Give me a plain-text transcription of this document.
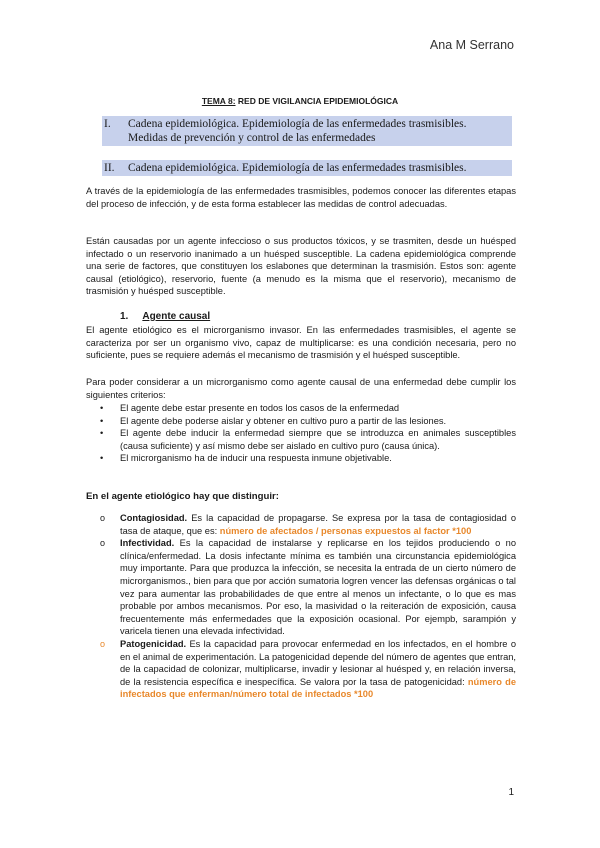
Ana M Serrano
TEMA 8: RED DE VIGILANCIA EPIDEMIOLÓGICA
I.	Cadena epidemiológica. Epidemiología de las enfermedades trasmisibles. Medidas de prevención y control de las enfermedades
II.	Cadena epidemiológica. Epidemiología de las enfermedades trasmisibles.

A través de la epidemiología de las enfermedades trasmisibles, podemos conocer las diferentes etapas del proceso de infección, y de esta forma establecer las medidas de control adecuadas.

Están causadas por un agente infeccioso o sus productos tóxicos, y se trasmiten, desde un huésped infectado o un reservorio inanimado a un huésped susceptible. La cadena epidemiológica comprende una serie de factores, que constituyen los eslabones que determinan la trasmisión. Estos son: agente causal (etiológico), reservorio, fuente (a menudo es la misma que el reservorio), mecanismo de trasmisión y huésped susceptible.

1. Agente causal

El agente etiológico es el microrganismo invasor. En las enfermedades trasmisibles, el agente se caracteriza por ser un organismo vivo, capaz de multiplicarse: es una condición necesaria, pero no suficiente, pues se requiere además el mecanismo de trasmisión y el huésped susceptible.

Para poder considerar a un microrganismo como agente causal de una enfermedad debe cumplir los siguientes criterios:

• El agente debe estar presente en todos los casos de la enfermedad
• El agente debe poderse aislar y obtener en cultivo puro a partir de las lesiones.
• El agente debe inducir la enfermedad siempre que se introduzca en animales susceptibles (causa suficiente) y así mismo debe ser aislado en cultivo puro (causa única).
• El microrganismo ha de inducir una respuesta inmune objetivable.
En el agente etiológico hay que distinguir:
o Contagiosidad. Es la capacidad de propagarse. Se expresa por la tasa de contagiosidad o tasa de ataque, que es: número de afectados / personas expuestos al factor *100
o Infectividad. Es la capacidad de instalarse y replicarse en los tejidos produciendo o no clínica/enfermedad. La dosis infectante mínima es también una circunstancia epidemiológica muy importante. Para que produzca la infección, se necesita la entrada de un cierto número de microrganismos., bien para que por acción sumatoria logren vencer las defensas orgánicas o tal vez para aumentar las probabilidades de que entre al menos un infectante, o lo que es mas probable por ambos mecanismos. Por eso, la masividad o la reiteración de exposición, causa frecuentemente más enfermedades que la exposición ocasional. Por ejempb, sarampión y varicela tienen una elevada infectividad.
o Patogenicidad. Es la capacidad para provocar enfermedad en los infectados, en el hombre o en el animal de experimentación. La patogenicidad depende del número de agentes que entran, de la capacidad de colonizar, multiplicarse, invadir y lesionar al huésped y, en relación inversa, de la resistencia específica e inespecífica. Se valora por la tasa de patogenicidad: número de infectados que enferman/número total de infectados *100
1
